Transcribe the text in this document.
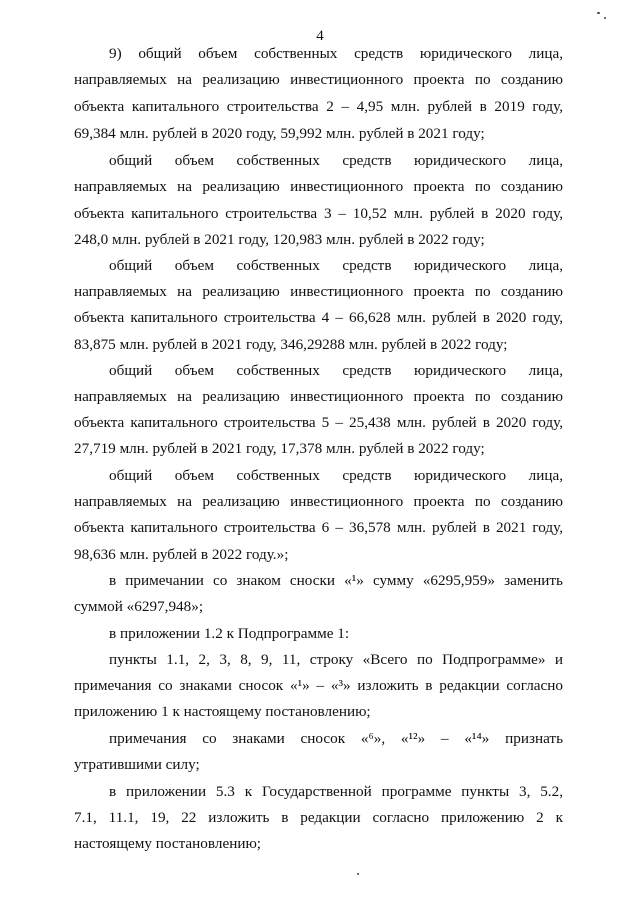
4
9) общий объем собственных средств юридического лица,
направляемых на реализацию инвестиционного проекта по созданию
объекта капитального строительства 2 – 4,95 млн. рублей в 2019 году,
69,384 млн. рублей в 2020 году, 59,992 млн. рублей в 2021 году;
общий объем собственных средств юридического лица,
направляемых на реализацию инвестиционного проекта по созданию
объекта капитального строительства 3 – 10,52 млн. рублей в 2020 году,
248,0 млн. рублей в 2021 году, 120,983 млн. рублей в 2022 году;
общий объем собственных средств юридического лица,
направляемых на реализацию инвестиционного проекта по созданию
объекта капитального строительства 4 – 66,628 млн. рублей в 2020 году,
83,875 млн. рублей в 2021 году, 346,29288 млн. рублей в 2022 году;
общий объем собственных средств юридического лица,
направляемых на реализацию инвестиционного проекта по созданию
объекта капитального строительства 5 – 25,438 млн. рублей в 2020 году,
27,719 млн. рублей в 2021 году, 17,378 млн. рублей в 2022 году;
общий объем собственных средств юридического лица,
направляемых на реализацию инвестиционного проекта по созданию
объекта капитального строительства 6 – 36,578 млн. рублей в 2021 году,
98,636 млн. рублей в 2022 году.»;
в примечании со знаком сноски «¹» сумму «6295,959» заменить
суммой «6297,948»;
в приложении 1.2 к Подпрограмме 1:
пункты 1.1, 2, 3, 8, 9, 11, строку «Всего по Подпрограмме» и
примечания со знаками сносок «¹» – «³» изложить в редакции согласно
приложению 1 к настоящему постановлению;
примечания со знаками сносок «⁶», «¹²» – «¹⁴» признать
утратившими силу;
в приложении 5.3 к Государственной программе пункты 3, 5.2,
7.1, 11.1, 19, 22 изложить в редакции согласно приложению 2 к
настоящему постановлению;
